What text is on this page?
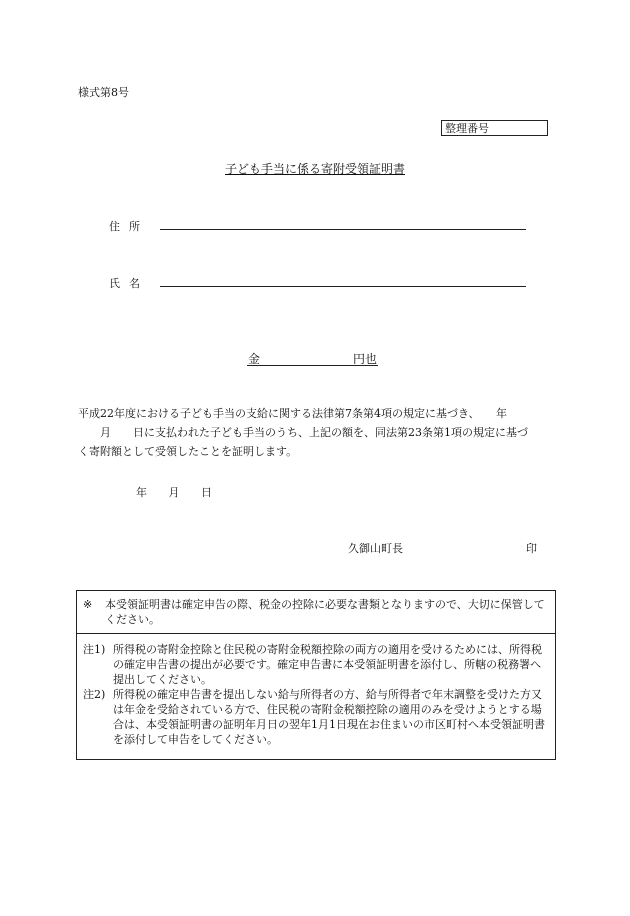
様式第8号
整理番号
子ども手当に係る寄附受領証明書
住所
氏名
金	円也

平成22年度における子ども手当の支給に関する法律第7条第4項の規定に基づき、　　年

　　月　　日に支払われた子ども手当のうち、上記の額を、同法第23条第1項の規定に基づ

く寄附額として受領したことを証明します。

年 月 日
久御山町長	印
※	本受領証明書は確定申告の際、税金の控除に必要な書類となりますので、大切に保管してください。
注1) 所得税の寄附金控除と住民税の寄附金税額控除の両方の適用を受けるためには、所得税の確定申告書の提出が必要です。確定申告書に本受領証明書を添付し、所轄の税務署へ提出してください。
注2) 所得税の確定申告書を提出しない給与所得者の方、給与所得者で年末調整を受けた方又は年金を受給されている方で、住民税の寄附金税額控除の適用のみを受けようとする場合は、本受領証明書の証明年月日の翌年1月1日現在お住まいの市区町村へ本受領証明書を添付して申告をしてください。
